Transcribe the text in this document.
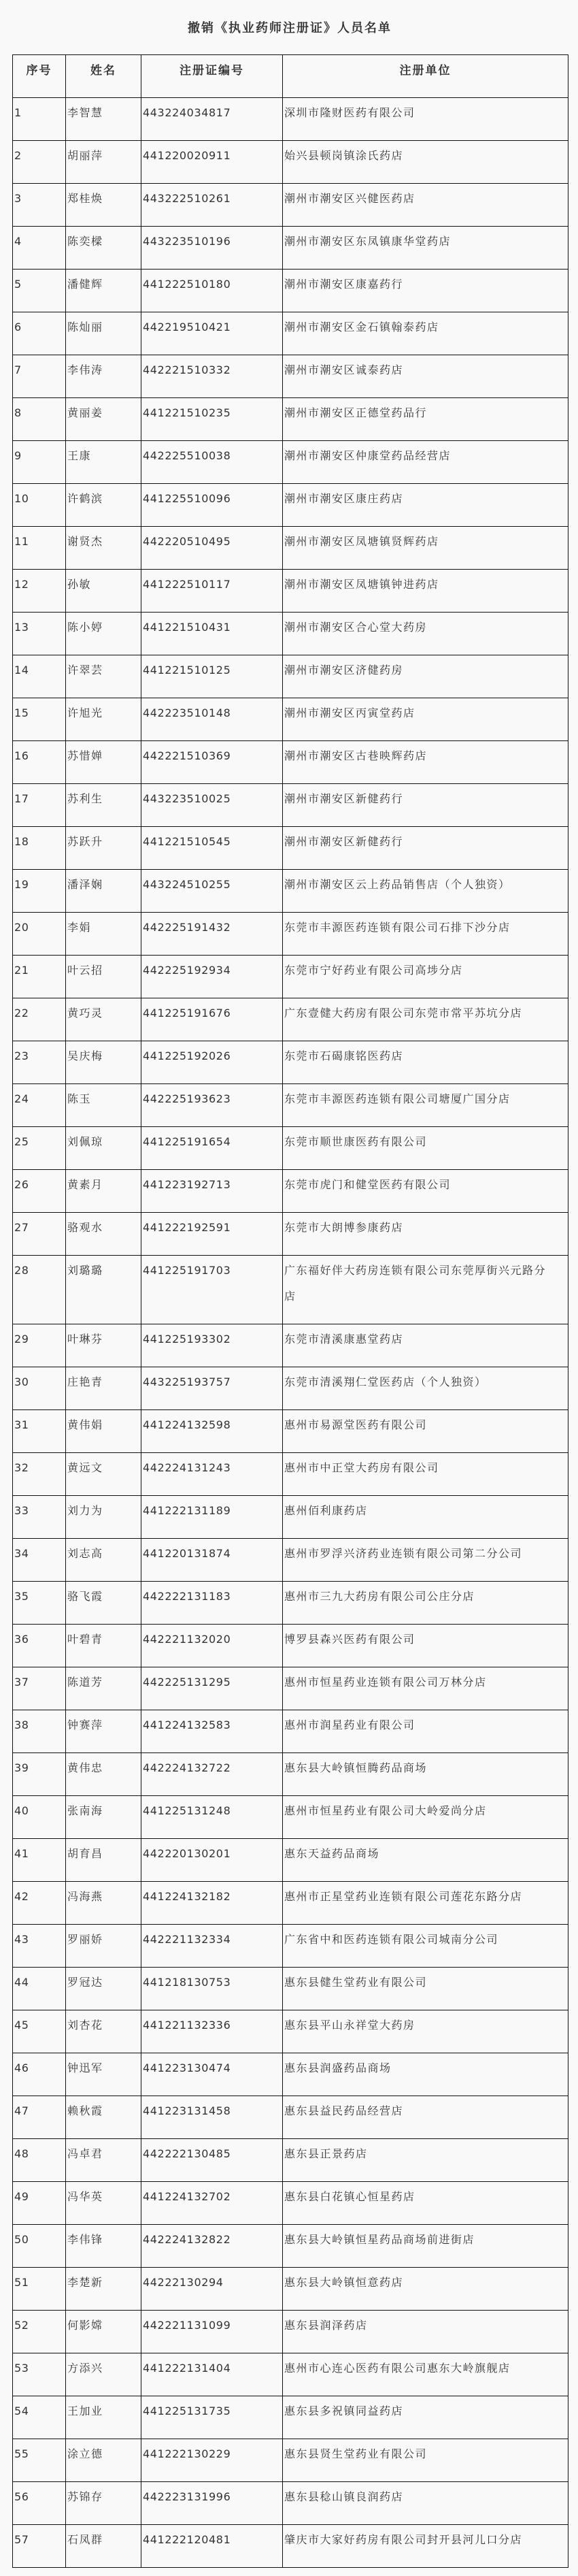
撤销《执业药师注册证》人员名单
序号	姓名	注册证编号	注册单位
1	李智慧	443224034817	深圳市隆财医药有限公司
2	胡丽萍	441220020911	始兴县顿岗镇涂氏药店
3	郑桂焕	443222510261	潮州市潮安区兴健医药店
4	陈奕樑	443223510196	潮州市潮安区东凤镇康华堂药店
5	潘健辉	441222510180	潮州市潮安区康嘉药行
6	陈灿丽	442219510421	潮州市潮安区金石镇翰泰药店
7	李伟涛	442221510332	潮州市潮安区诚泰药店
8	黄丽姜	441221510235	潮州市潮安区正德堂药品行
9	王康	442225510038	潮州市潮安区仲康堂药品经营店
10	许鹤滨	441225510096	潮州市潮安区康庄药店
11	谢贤杰	442220510495	潮州市潮安区凤塘镇贤辉药店
12	孙敏	441222510117	潮州市潮安区凤塘镇钟进药店
13	陈小婷	441221510431	潮州市潮安区合心堂大药房
14	许翠芸	441221510125	潮州市潮安区济健药房
15	许旭光	442223510148	潮州市潮安区丙寅堂药店
16	苏惜婵	442221510369	潮州市潮安区古巷映辉药店
17	苏利生	443223510025	潮州市潮安区新健药行
18	苏跃升	441221510545	潮州市潮安区新健药行
19	潘泽娴	443224510255	潮州市潮安区云上药品销售店（个人独资）
20	李娟	442225191432	东莞市丰源医药连锁有限公司石排下沙分店
21	叶云招	442225192934	东莞市宁好药业有限公司高埗分店
22	黄巧灵	441225191676	广东壹健大药房有限公司东莞市常平苏坑分店
23	吴庆梅	441225192026	东莞市石碣康铭医药店
24	陈玉	442225193623	东莞市丰源医药连锁有限公司塘厦广国分店
25	刘佩琼	441225191654	东莞市顺世康医药有限公司
26	黄素月	441223192713	东莞市虎门和健堂医药有限公司
27	骆观水	441222192591	东莞市大朗博参康药店
28	刘璐璐	441225191703	广东福好伴大药房连锁有限公司东莞厚街兴元路分店
29	叶琳芬	441225193302	东莞市清溪康惠堂药店
30	庄艳青	443225193757	东莞市清溪翔仁堂医药店（个人独资）
31	黄伟娟	441224132598	惠州市易源堂医药有限公司
32	黄远文	442224131243	惠州市中正堂大药房有限公司
33	刘力为	441222131189	惠州佰利康药店
34	刘志高	441220131874	惠州市罗浮兴济药业连锁有限公司第二分公司
35	骆飞霞	442222131183	惠州市三九大药房有限公司公庄分店
36	叶碧青	442221132020	博罗县森兴医药有限公司
37	陈道芳	442225131295	惠州市恒星药业连锁有限公司万林分店
38	钟赛萍	441224132583	惠州市润星药业有限公司
39	黄伟忠	442224132722	惠东县大岭镇恒腾药品商场
40	张南海	441225131248	惠州市恒星药业有限公司大岭爱尚分店
41	胡育昌	442220130201	惠东天益药品商场
42	冯海燕	441224132182	惠州市正星堂药业连锁有限公司莲花东路分店
43	罗丽娇	442221132334	广东省中和医药连锁有限公司城南分公司
44	罗冠达	441218130753	惠东县健生堂药业有限公司
45	刘杏花	441221132336	惠东县平山永祥堂大药房
46	钟迅军	441223130474	惠东县润盛药品商场
47	赖秋霞	441223131458	惠东县益民药品经营店
48	冯卓君	442222130485	惠东县正景药店
49	冯华英	441224132702	惠东县白花镇心恒星药店
50	李伟锋	442224132822	惠东县大岭镇恒星药品商场前进街店
51	李楚新	44222130294	惠东县大岭镇恒意药店
52	何影嫦	442221131099	惠东县润泽药店
53	方添兴	441222131404	惠州市心连心医药有限公司惠东大岭旗舰店
54	王加业	441225131735	惠东县多祝镇同益药店
55	涂立德	441222130229	惠东县贤生堂药业有限公司
56	苏锦存	442223131996	惠东县稔山镇良润药店
57	石凤群	441222120481	肇庆市大家好药房有限公司封开县河儿口分店
